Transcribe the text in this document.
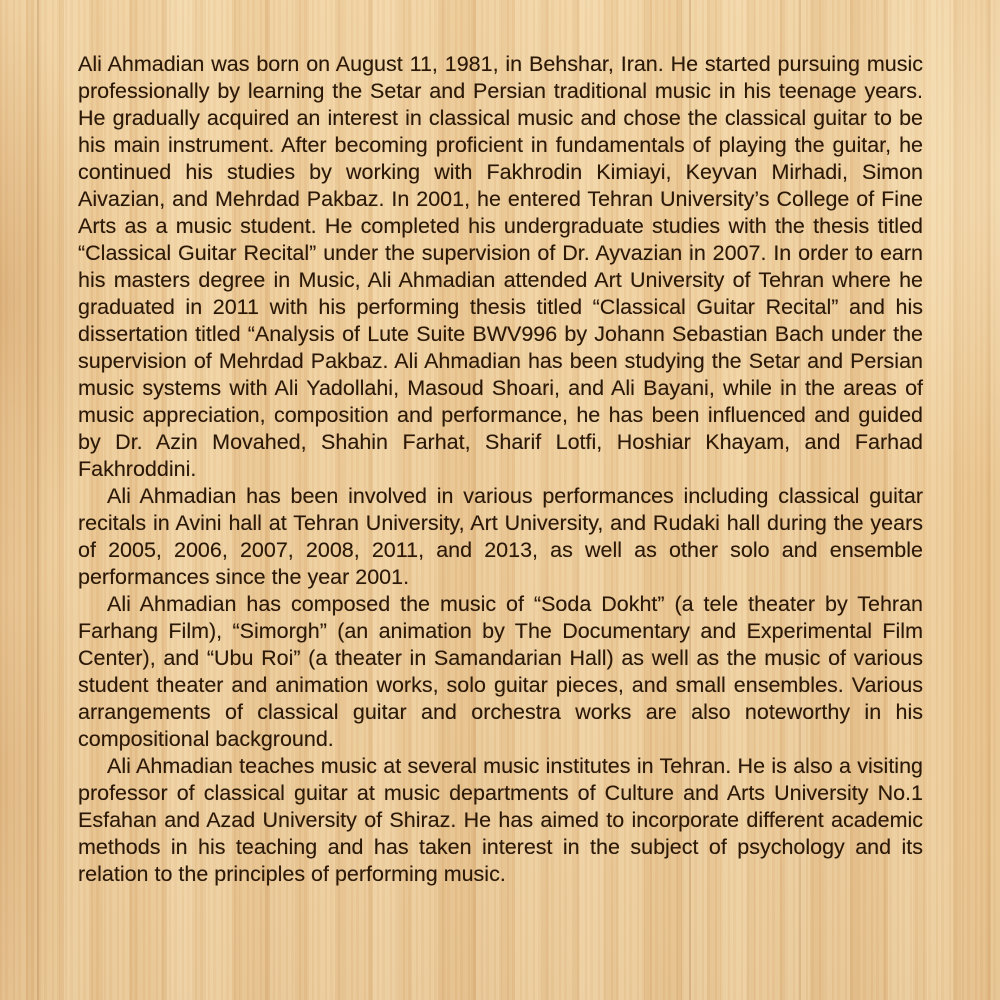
Ali Ahmadian was born on August 11, 1981, in Behshar, Iran. He started pursuing music professionally by learning the Setar and Persian traditional music in his teenage years. He gradually acquired an interest in classical music and chose the classical guitar to be his main instrument. After becoming proficient in fundamentals of playing the guitar, he continued his studies by working with Fakhrodin Kimiayi, Keyvan Mirhadi, Simon Aivazian, and Mehrdad Pakbaz. In 2001, he entered Tehran University’s College of Fine Arts as a music student. He completed his undergraduate studies with the thesis titled “Classical Guitar Recital” under the supervision of Dr. Ayvazian in 2007. In order to earn his masters degree in Music, Ali Ahmadian attended Art University of Tehran where he graduated in 2011 with his performing thesis titled “Classical Guitar Recital” and his dissertation titled “Analysis of Lute Suite BWV996 by Johann Sebastian Bach under the supervision of Mehrdad Pakbaz. Ali Ahmadian has been studying the Setar and Persian music systems with Ali Yadollahi, Masoud Shoari, and Ali Bayani, while in the areas of music appreciation, composition and performance, he has been influenced and guided by Dr. Azin Movahed, Shahin Farhat, Sharif Lotfi, Hoshiar Khayam, and Farhad Fakhroddini.

Ali Ahmadian has been involved in various performances including classical guitar recitals in Avini hall at Tehran University, Art University, and Rudaki hall during the years of 2005, 2006, 2007, 2008, 2011, and 2013, as well as other solo and ensemble performances since the year 2001.

Ali Ahmadian has composed the music of “Soda Dokht” (a tele theater by Tehran Farhang Film), “Simorgh” (an animation by The Documentary and Experimental Film Center), and “Ubu Roi” (a theater in Samandarian Hall) as well as the music of various student theater and animation works, solo guitar pieces, and small ensembles. Various arrangements of classical guitar and orchestra works are also noteworthy in his compositional background.

Ali Ahmadian teaches music at several music institutes in Tehran. He is also a visiting professor of classical guitar at music departments of Culture and Arts University No.1 Esfahan and Azad University of Shiraz. He has aimed to incorporate different academic methods in his teaching and has taken interest in the subject of psychology and its relation to the principles of performing music.
